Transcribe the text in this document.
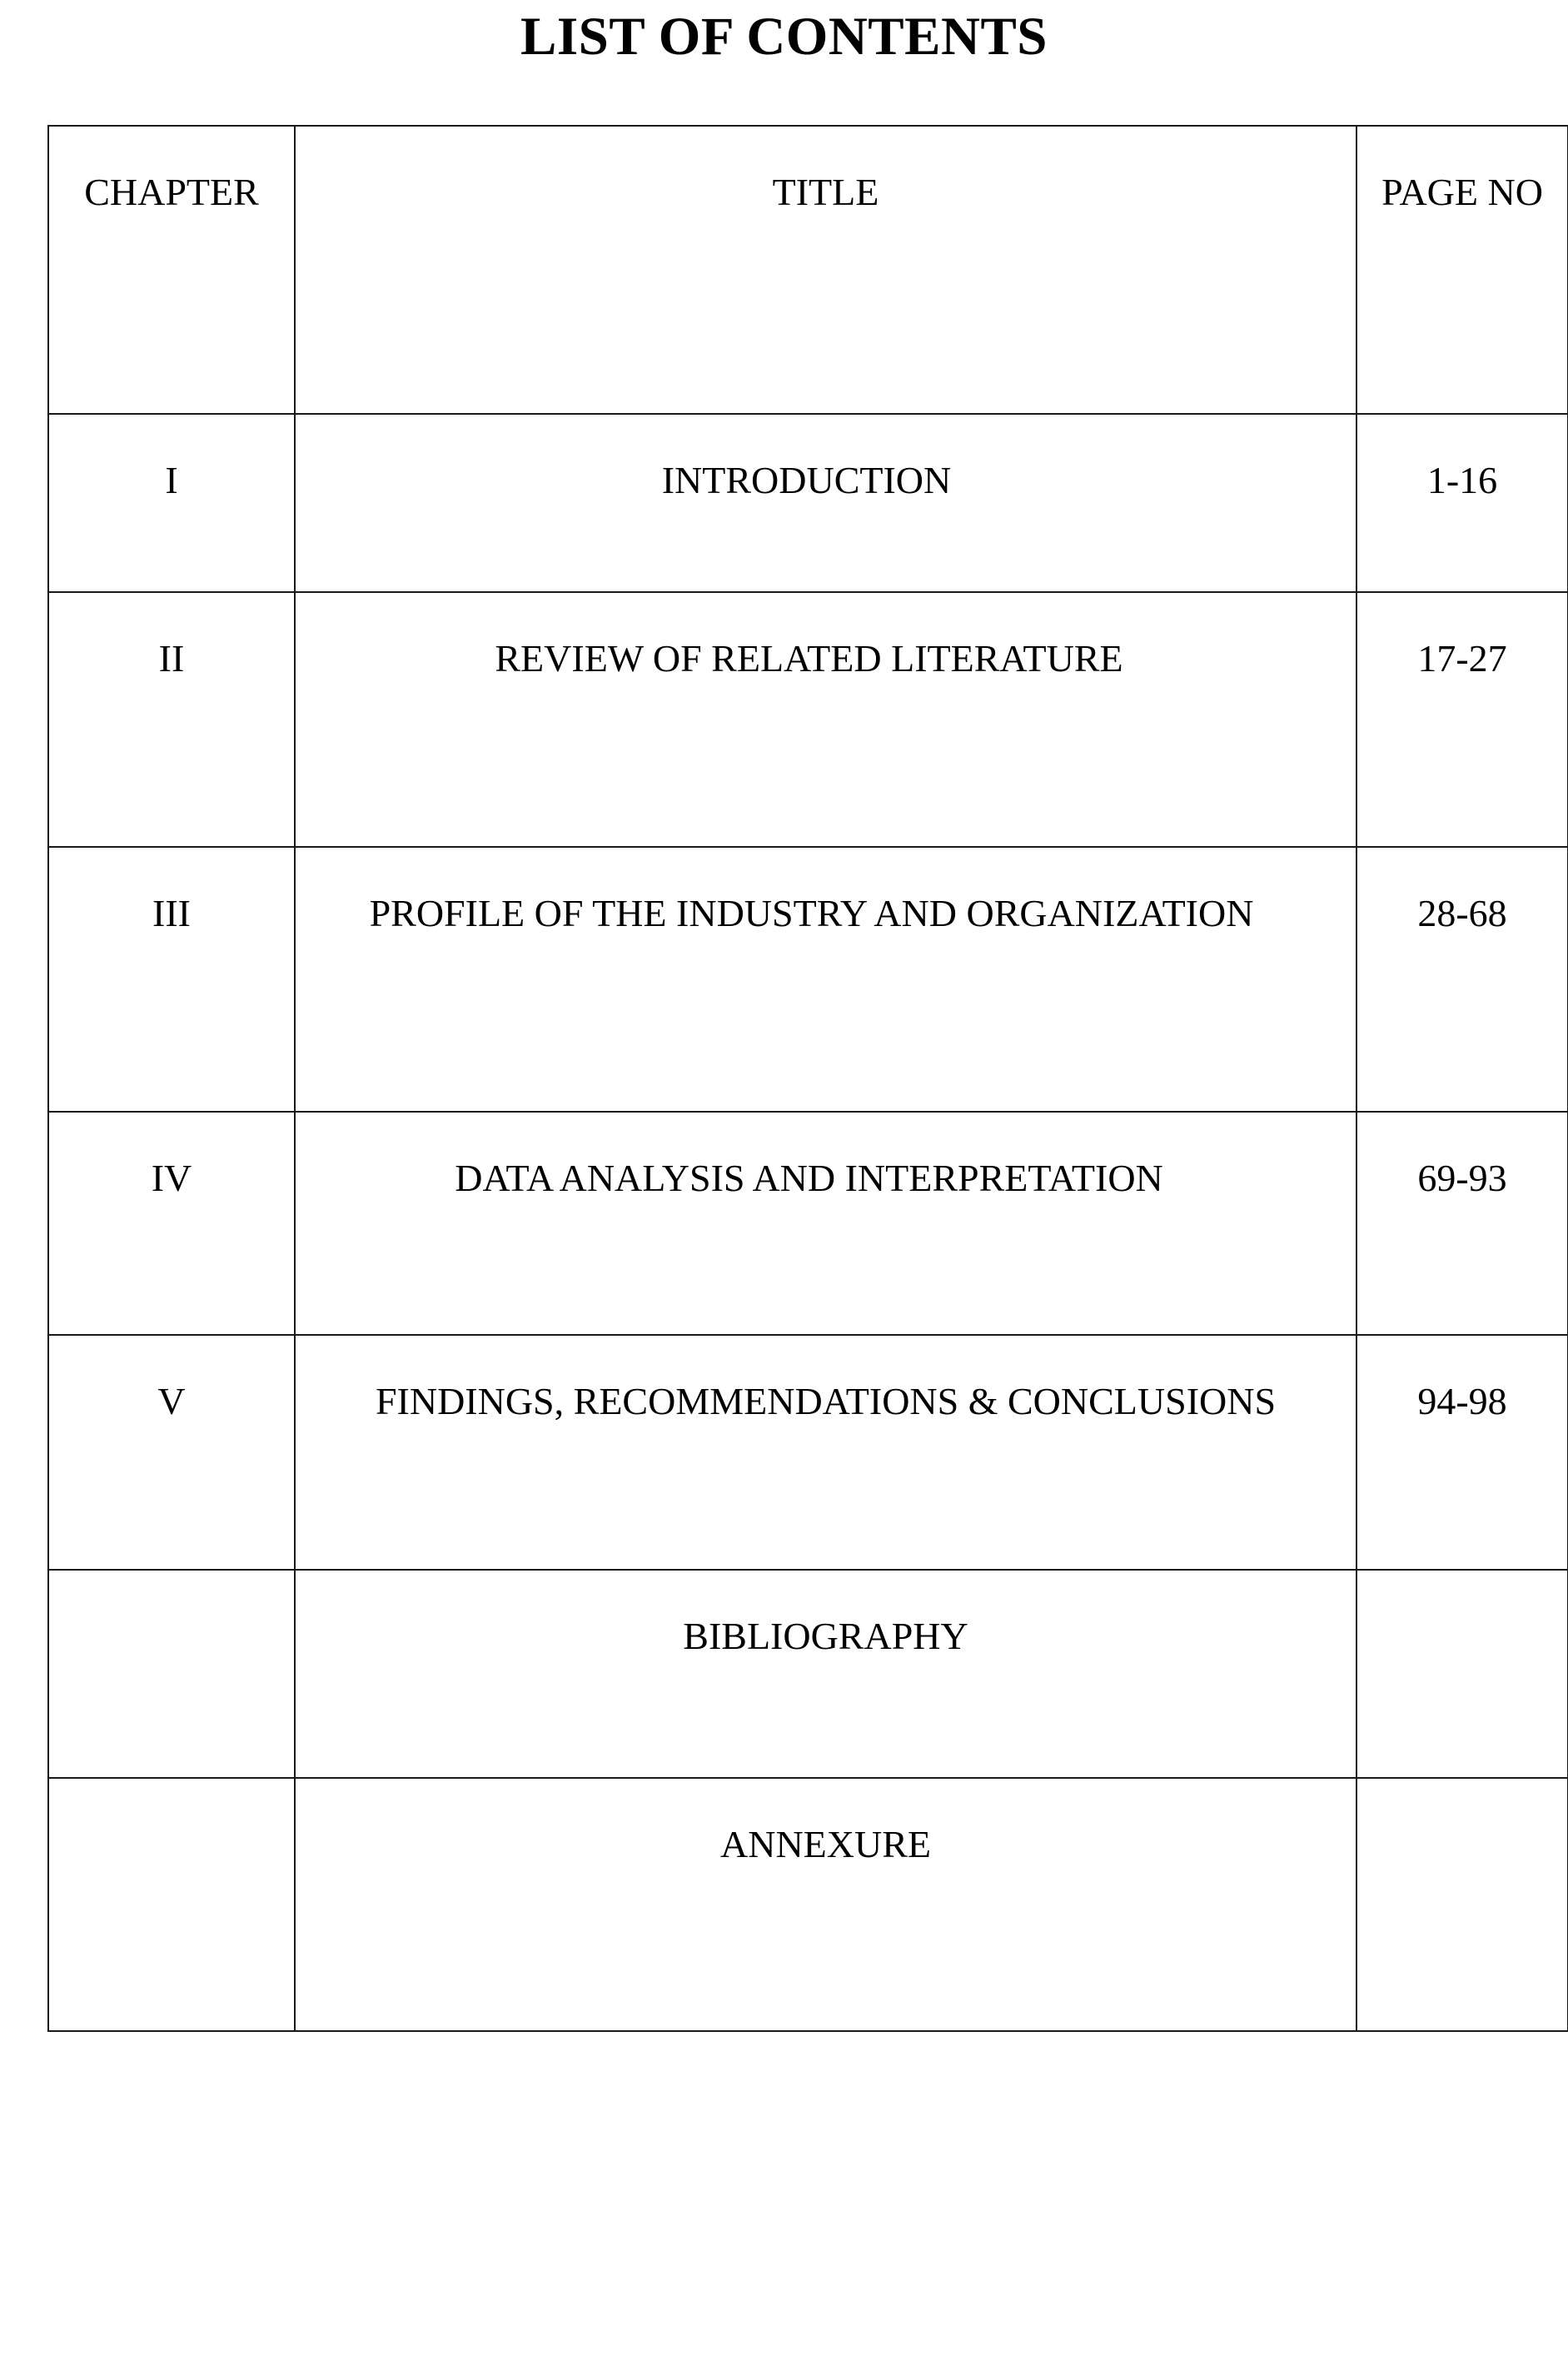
LIST OF CONTENTS
CHAPTER	TITLE	PAGE NO

I	INTRODUCTION	1-16

II	REVIEW OF RELATED LITERATURE	17-27

III	PROFILE OF THE INDUSTRY AND ORGANIZATION	28-68

IV	DATA ANALYSIS AND INTERPRETATION	69-93

V	FINDINGS, RECOMMENDATIONS & CONCLUSIONS	94-98

	BIBLIOGRAPHY	

	ANNEXURE	
